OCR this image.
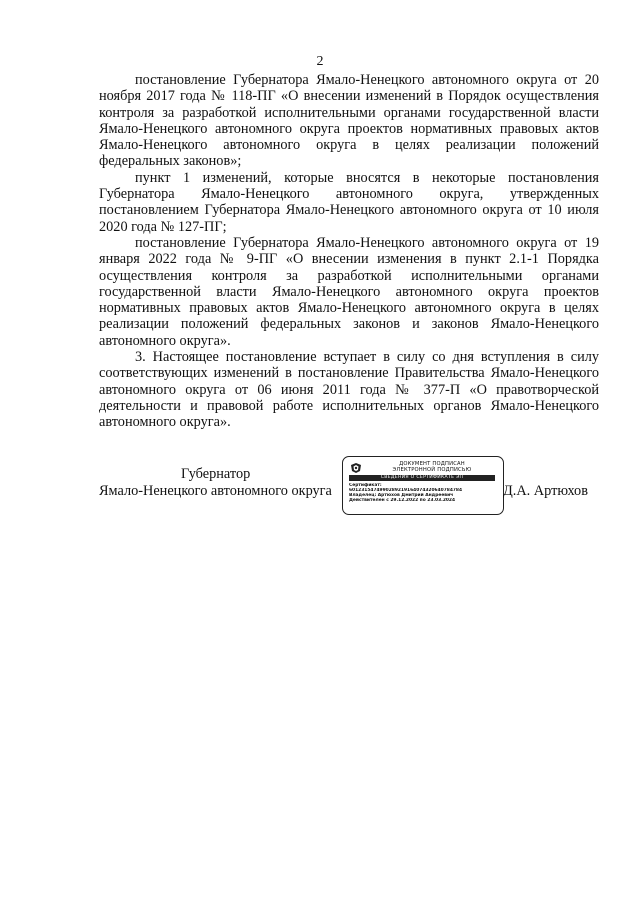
2

постановление Губернатора Ямало-Ненецкого автономного округа от 20 ноября 2017 года № 118-ПГ «О внесении изменений в Порядок осуществления контроля за разработкой исполнительными органами государственной власти Ямало-Ненецкого автономного округа проектов нормативных правовых актов Ямало-Ненецкого автономного округа в целях реализации положений федеральных законов»;

пункт 1 изменений, которые вносятся в некоторые постановления Губернатора Ямало-Ненецкого автономного округа, утвержденных постановлением Губернатора Ямало-Ненецкого автономного округа от 10 июля 2020 года № 127-ПГ;

постановление Губернатора Ямало-Ненецкого автономного округа от 19 января 2022 года № 9-ПГ «О внесении изменения в пункт 2.1-1 Порядка осуществления контроля за разработкой исполнительными органами государственной власти Ямало-Ненецкого автономного округа проектов нормативных правовых актов Ямало-Ненецкого автономного округа в целях реализации положений федеральных законов и законов Ямало-Ненецкого автономного округа».

3. Настоящее постановление вступает в силу со дня вступления в силу соответствующих изменений в постановление Правительства Ямало-Ненецкого автономного округа от 06 июня 2011 года № 377-П «О правотворческой деятельности и правовой работе исполнительных органов Ямало-Ненецкого автономного округа».

Губернатор
Ямало-Ненецкого автономного округа
ДОКУМЕНТ ПОДПИСАН
ЭЛЕКТРОННОЙ ПОДПИСЬЮ
СВЕДЕНИЯ О СЕРТИФИКАТЕ ЭП
Сертификат:
6012315474990289219164074320640784784
Владелец: Артюхов Дмитрий Андреевич
Действителен с 29.12.2022 по 23.03.2024
Д.А. Артюхов
